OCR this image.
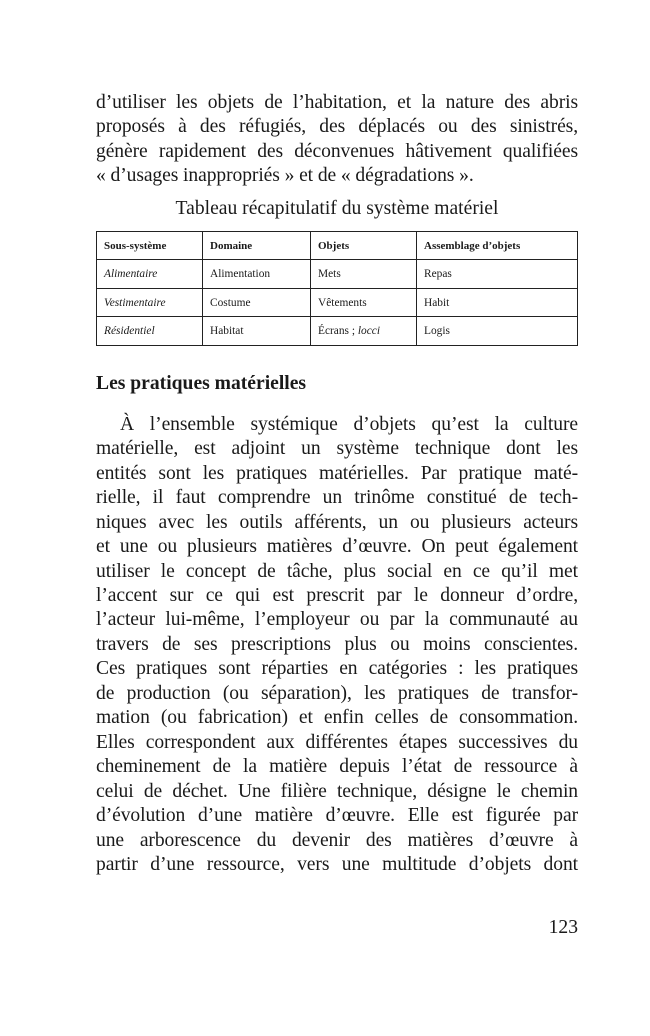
d’utiliser les objets de l’habitation, et la nature des abris
proposés à des réfugiés, des déplacés ou des sinistrés,
génère rapidement des déconvenues hâtivement qualifiées
« d’usages inappropriés » et de « dégradations ».

Tableau récapitulatif du système matériel
Sous-système	Domaine	Objets	Assemblage d’objets
Alimentaire	Alimentation	Mets	Repas
Vestimentaire	Costume	Vêtements	Habit
Résidentiel	Habitat	Écrans ; locci	Logis
Les pratiques matérielles

À l’ensemble systémique d’objets qu’est la culture
matérielle, est adjoint un système technique dont les
entités sont les pratiques matérielles. Par pratique maté-
rielle, il faut comprendre un trinôme constitué de tech-
niques avec les outils afférents, un ou plusieurs acteurs
et une ou plusieurs matières d’œuvre. On peut également
utiliser le concept de tâche, plus social en ce qu’il met
l’accent sur ce qui est prescrit par le donneur d’ordre,
l’acteur lui-même, l’employeur ou par la communauté au
travers de ses prescriptions plus ou moins conscientes.
Ces pratiques sont réparties en catégories : les pratiques
de production (ou séparation), les pratiques de transfor-
mation (ou fabrication) et enfin celles de consommation.
Elles correspondent aux différentes étapes successives du
cheminement de la matière depuis l’état de ressource à
celui de déchet. Une filière technique, désigne le chemin
d’évolution d’une matière d’œuvre. Elle est figurée par
une arborescence du devenir des matières d’œuvre à
partir d’une ressource, vers une multitude d’objets dont

123
